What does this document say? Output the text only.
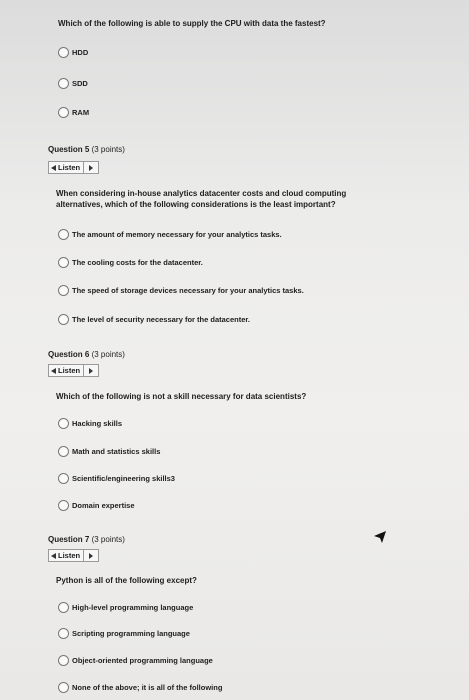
Which of the following is able to supply the CPU with data the fastest?
HDD
SDD
RAM
Question 5 (3 points)
Listen
When considering in-house analytics datacenter costs and cloud computing
alternatives, which of the following considerations is the least important?
The amount of memory necessary for your analytics tasks.
The cooling costs for the datacenter.
The speed of storage devices necessary for your analytics tasks.
The level of security necessary for the datacenter.
Question 6 (3 points)
Listen
Which of the following is not a skill necessary for data scientists?
Hacking skills
Math and statistics skills
Scientific/engineering skills3
Domain expertise
Question 7 (3 points)
Listen
Python is all of the following except?
High-level programming language
Scripting programming language
Object-oriented programming language
None of the above; it is all of the following
